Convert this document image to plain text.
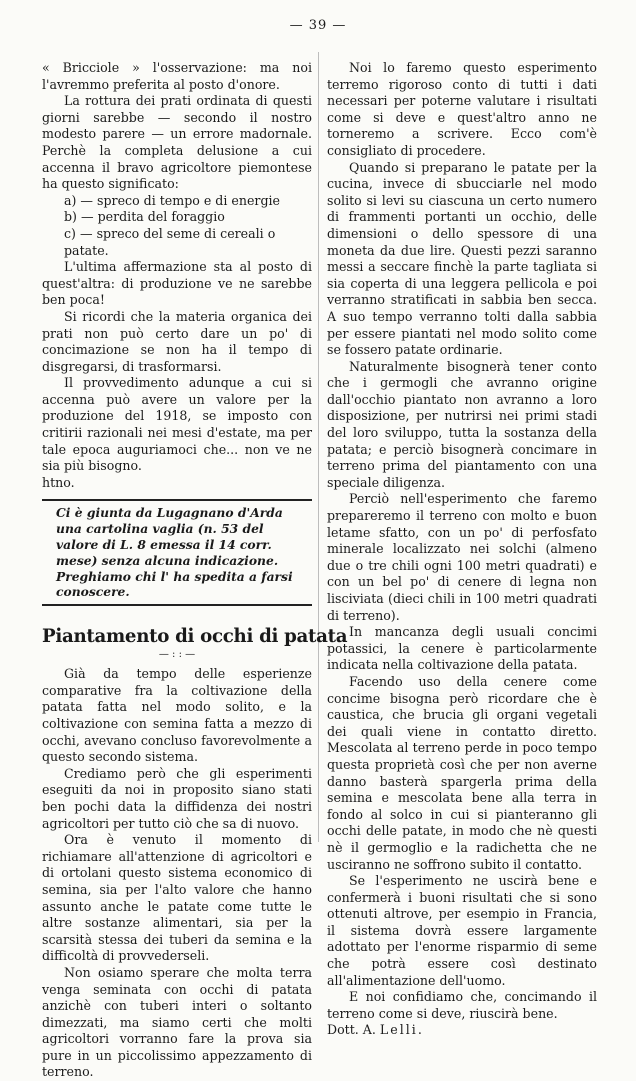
— 39 —

« Bricciole » l'osservazione: ma noi l'avremmo preferita al posto d'onore.

La rottura dei prati ordinata di questi giorni sarebbe — secondo il nostro modesto parere — un errore madornale. Perchè la completa delusione a cui accenna il bravo agricoltore piemontese ha questo significato:

a) — spreco di tempo e di energie
b) — perdita del foraggio
c) — spreco del seme di cereali o patate.

L'ultima affermazione sta al posto di quest'altra: di produzione ve ne sarebbe ben poca!

Si ricordi che la materia organica dei prati non può certo dare un po' di concimazione se non ha il tempo di disgregarsi, di trasformarsi.

Il provvedimento adunque a cui si accenna può avere un valore per la produzione del 1918, se imposto con critirii razionali nei mesi d'estate, ma per tale epoca auguriamoci che... non ve ne sia più bisogno.

htno.

Ci è giunta da Lugagnano d'Arda una cartolina vaglia (n. 53 del valore di L. 8 emessa il 14 corr. mese) senza alcuna indicazione. Preghiamo chi l' ha spedita a farsi conoscere.
Piantamento di occhi di patata
— : : —

Già da tempo delle esperienze comparative fra la coltivazione della patata fatta nel modo solito, e la coltivazione con semina fatta a mezzo di occhi, avevano concluso favorevolmente a questo secondo sistema.

Crediamo però che gli esperimenti eseguiti da noi in proposito siano stati ben pochi data la diffidenza dei nostri agricoltori per tutto ciò che sa di nuovo.

Ora è venuto il momento di richiamare all'attenzione di agricoltori e di ortolani questo sistema economico di semina, sia per l'alto valore che hanno assunto anche le patate come tutte le altre sostanze alimentari, sia per la scarsità stessa dei tuberi da semina e la difficoltà di provvederseli.

Non osiamo sperare che molta terra venga seminata con occhi di patata anzichè con tuberi interi o soltanto dimezzati, ma siamo certi che molti agricoltori vorranno fare la prova sia pure in un piccolissimo appezzamento di terreno.

Noi lo faremo questo esperimento terremo rigoroso conto di tutti i dati necessari per poterne valutare i risultati come si deve e quest'altro anno ne torneremo a scrivere. Ecco com'è consigliato di procedere.

Quando si preparano le patate per la cucina, invece di sbucciarle nel modo solito si levi su ciascuna un certo numero di frammenti portanti un occhio, delle dimensioni o dello spessore di una moneta da due lire. Questi pezzi saranno messi a seccare finchè la parte tagliata si sia coperta di una leggera pellicola e poi verranno stratificati in sabbia ben secca. A suo tempo verranno tolti dalla sabbia per essere piantati nel modo solito come se fossero patate ordinarie.

Naturalmente bisognerà tener conto che i germogli che avranno origine dall'occhio piantato non avranno a loro disposizione, per nutrirsi nei primi stadi del loro sviluppo, tutta la sostanza della patata; e perciò bisognerà concimare in terreno prima del piantamento con una speciale diligenza.

Perciò nell'esperimento che faremo prepareremo il terreno con molto e buon letame sfatto, con un po' di perfosfato minerale localizzato nei solchi (almeno due o tre chili ogni 100 metri quadrati) e con un bel po' di cenere di legna non lisciviata (dieci chili in 100 metri quadrati di terreno).

In mancanza degli usuali concimi potassici, la cenere è particolarmente indicata nella coltivazione della patata.

Facendo uso della cenere come concime bisogna però ricordare che è caustica, che brucia gli organi vegetali dei quali viene in contatto diretto. Mescolata al terreno perde in poco tempo questa proprietà così che per non averne danno basterà spargerla prima della semina e mescolata bene alla terra in fondo al solco in cui si pianteranno gli occhi delle patate, in modo che nè questi nè il germoglio e la radichetta che ne usciranno ne soffrono subito il contatto.

Se l'esperimento ne uscirà bene e confermerà i buoni risultati che si sono ottenuti altrove, per esempio in Francia, il sistema dovrà essere largamente adottato per l'enorme risparmio di seme che potrà essere così destinato all'alimentazione dell'uomo.

E noi confidiamo che, concimando il terreno come si deve, riuscirà bene.

Dott. A. Lelli.
